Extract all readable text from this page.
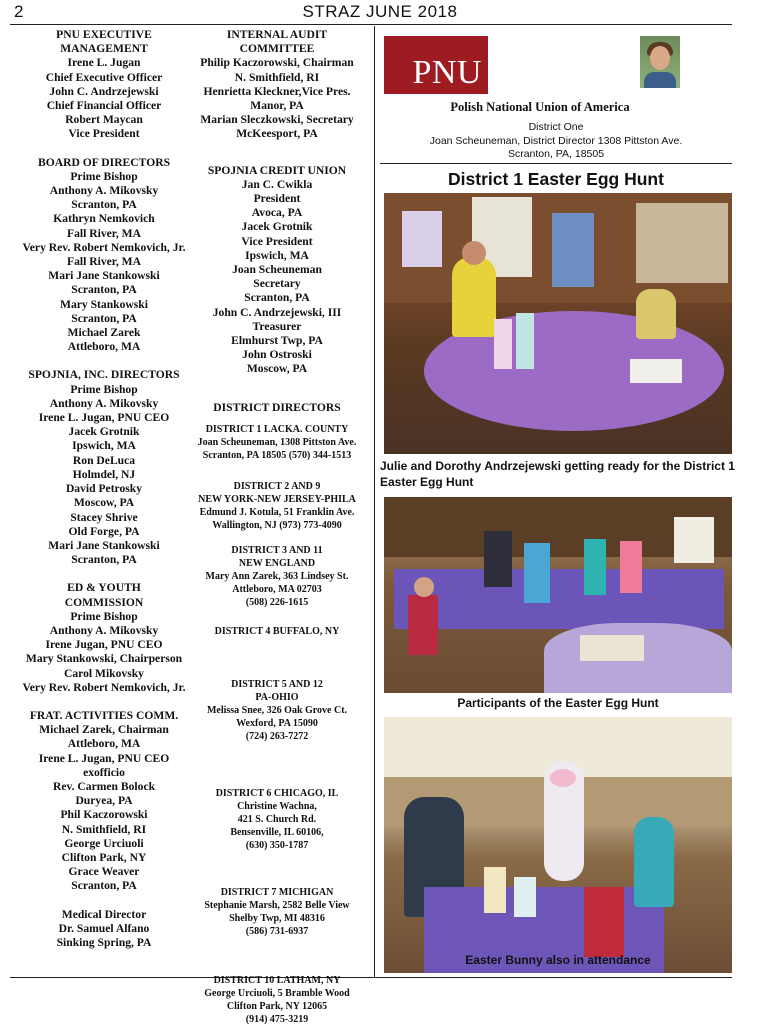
2	STRAZ JUNE 2018
PNU EXECUTIVE
MANAGEMENT
Irene L. Jugan
Chief Executive Officer
John C. Andrzejewski
Chief Financial Officer
Robert Maycan
Vice President
BOARD OF DIRECTORS
Prime Bishop
Anthony A. Mikovsky
Scranton, PA
Kathryn Nemkovich
Fall River, MA
Very Rev. Robert Nemkovich, Jr.
Fall River, MA
Mari Jane Stankowski
Scranton, PA
Mary Stankowski
Scranton, PA
Michael Zarek
Attleboro, MA
SPOJNIA, INC. DIRECTORS
Prime Bishop
Anthony A. Mikovsky
Irene L. Jugan, PNU CEO
Jacek Grotnik
Ipswich, MA
Ron DeLuca
Holmdel, NJ
David Petrosky
Moscow, PA
Stacey Shrive
Old Forge, PA
Mari Jane Stankowski
Scranton, PA
ED & YOUTH
COMMISSION
Prime Bishop
Anthony A. Mikovsky
Irene Jugan, PNU CEO
Mary Stankowski, Chairperson
Carol Mikovsky
Very Rev. Robert Nemkovich, Jr.
FRAT. ACTIVITIES COMM.
Michael Zarek, Chairman
Attleboro, MA
Irene L. Jugan, PNU CEO
exofficio
Rev. Carmen Bolock
Duryea, PA
Phil Kaczorowski
N. Smithfield, RI
George Urciuoli
Clifton Park, NY
Grace Weaver
Scranton, PA
Medical Director
Dr. Samuel Alfano
Sinking Spring, PA
INTERNAL AUDIT
COMMITTEE
Philip Kaczorowski, Chairman
N. Smithfield, RI
Henrietta Kleckner,Vice Pres.
Manor, PA
Marian Sleczkowski, Secretary
McKeesport, PA
SPOJNIA CREDIT UNION
Jan C. Cwikla
President
Avoca, PA
Jacek Grotnik
Vice President
Ipswich, MA
Joan Scheuneman
Secretary
Scranton, PA
John C. Andrzejewski, III
Treasurer
Elmhurst Twp, PA
John Ostroski
Moscow, PA
DISTRICT DIRECTORS
DISTRICT 1 LACKA. COUNTY
Joan Scheuneman, 1308 Pittston Ave.
Scranton, PA 18505 (570) 344-1513
DISTRICT 2 AND 9
NEW YORK-NEW JERSEY-PHILA
Edmund J. Kotula, 51 Franklin Ave.
Wallington, NJ (973) 773-4090
DISTRICT 3 AND 11
NEW ENGLAND
Mary Ann Zarek, 363 Lindsey St.
Attleboro, MA 02703
(508) 226-1615
DISTRICT 4 BUFFALO, NY
DISTRICT 5 AND 12
PA-OHIO
Melissa Snee, 326 Oak Grove Ct.
Wexford, PA 15090
(724) 263-7272
DISTRICT 6 CHICAGO, IL
Christine Wachna,
421 S. Church Rd.
Bensenville, IL 60106,
(630) 350-1787
DISTRICT 7 MICHIGAN
Stephanie Marsh, 2582 Belle View
Shelby Twp, MI 48316
(586) 731-6937
DISTRICT 10 LATHAM, NY
George Urciuoli, 5 Bramble Wood
Clifton Park, NY 12065
(914) 475-3219
PNU
Polish National Union of America
District One
Joan Scheuneman, District Director 1308 Pittston Ave.
Scranton, PA, 18505
District 1 Easter Egg Hunt
Julie and Dorothy Andrzejewski getting ready for the District 1 Easter Egg Hunt
Participants of the Easter Egg Hunt
Easter Bunny also in attendance
